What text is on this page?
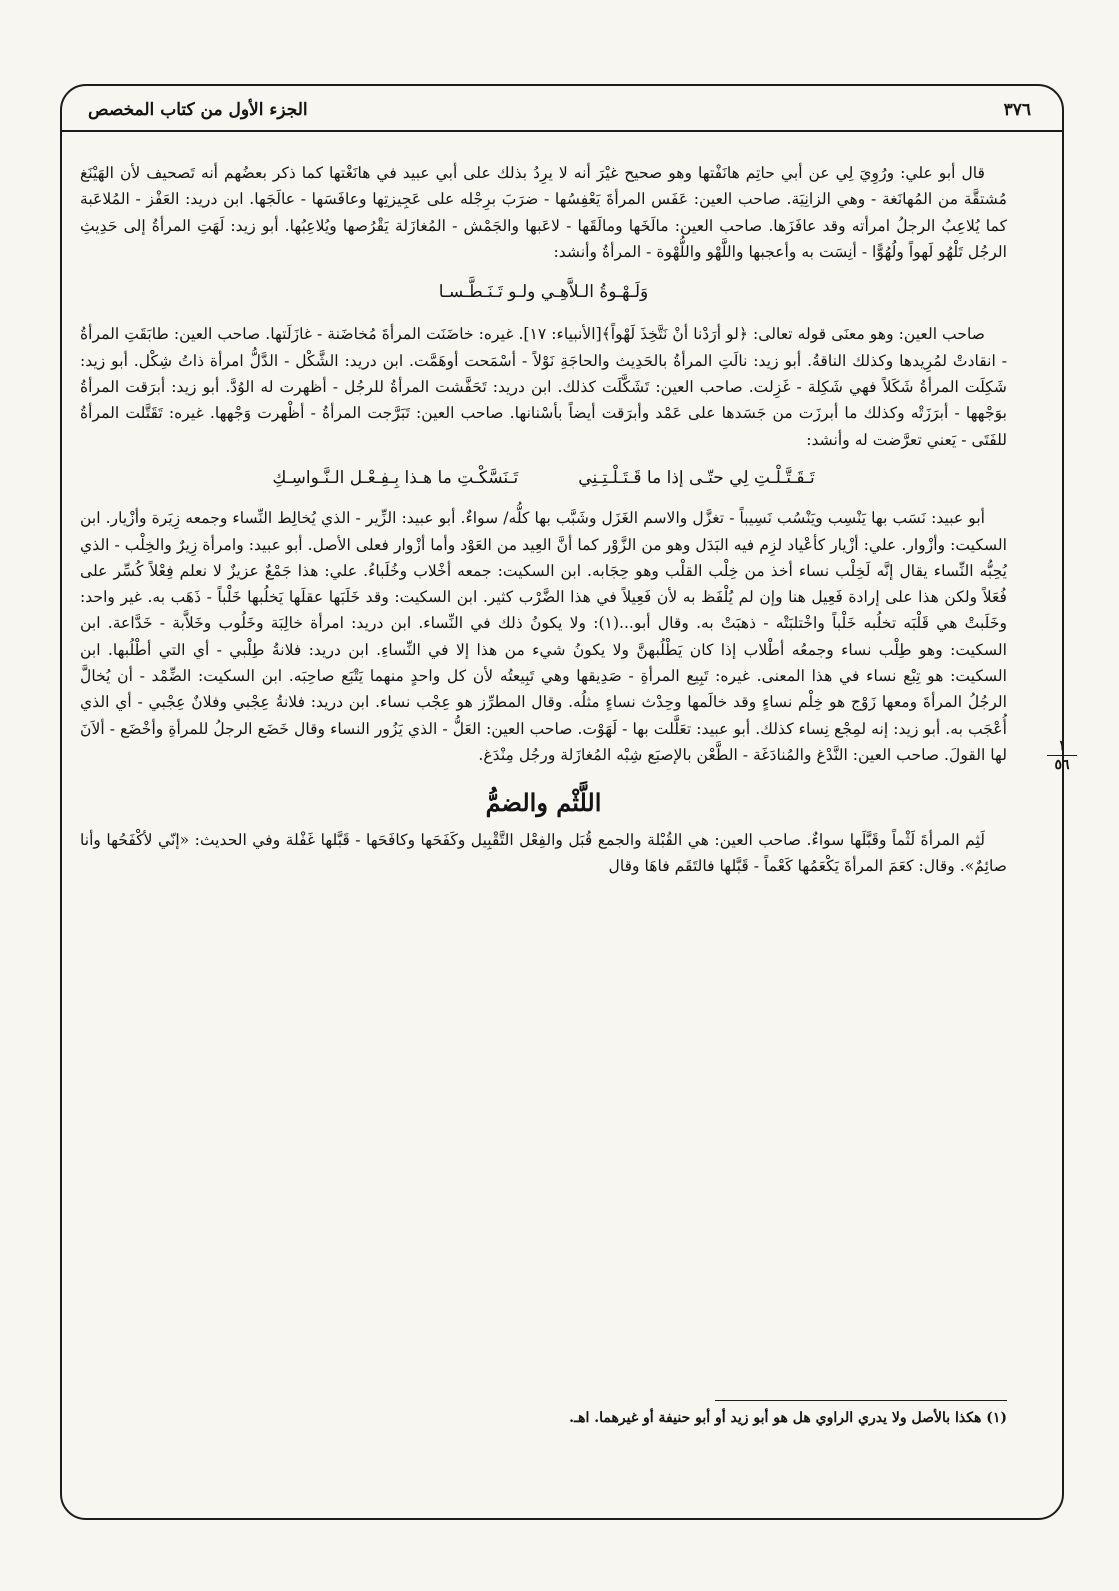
٣٧٦
الجزء الأول من كتاب المخصص
١
٥٦

قال أبو علي: ورُوِيَ لِي عن أبي حاتِم هانَفْتها وهو صحيح غيْرَ أنه لا يرِدُ بذلك على أبي عبيد في هانَغْتها كما ذكر بعضُهم أنه تَصحيف لأن الهَيْنَغ مُشتقَّة من المُهانَغة - وهي الزانِيَة. صاحب العين: عَفَس المرأةَ يَعْفِسُها - ضرَبَ برِجْله على عَجِيزتِها وعافَسَها - عالَجَها. ابن دريد: العَفْز - المُلاعَبة كما يُلاعِبُ الرجلُ امرأته وقد عافَزَها. صاحب العين: مالَخَها ومالَقَها - لاعَبها والجَمْش - المُغازَلة يَقْرُصها ويُلاعِبُها. أبو زيد: لَهَتِ المرأةُ إلى حَدِيثِ الرجُل تَلْهُو لَهواً ولُهُوًّا - أنِسَت به وأعجبها واللَّهْو واللُّهْوة - المرأةُ وأنشد:

وَلَـهْـوةُ الـلاَّهِـي ولـو تَـنَـطَّـسـا

صاحب العين: وهو معنَى قوله تعالى: ﴿لو أرَدْنا أنْ نَتَّخِذَ لَهْواً﴾[الأنبياء: ١٧]. غيره: خاضَنَت المرأةَ مُخاضَنة - غازَلَتها. صاحب العين: طابَقَتِ المرأةُ - انقادتْ لمُرِيدها وكذلك الناقةُ. أبو زيد: نالَتِ المرأةُ بالحَدِيث والحاجَةِ نَوْلاً - أسْمَحت أوهَمَّت. ابن دريد: الشَّكْل - الدَّلُّ امرأة ذاتُ شِكْل. أبو زيد: شَكِلَت المرأةُ شَكَلاً فهي شَكِلة - غَزِلت. صاحب العين: تَشَكَّلَت كذلك. ابن دريد: تَحَفَّشت المرأةُ للرجُل - أظهرت له الوُدَّ. أبو زيد: أبرَقت المرأةُ بوَجْهها - أبرَزَتْه وكذلك ما أبرزَت من جَسَدها على عَمْد وأبرَقت أيضاً بأسْنانها. صاحب العين: تَبَرَّجت المرأةُ - أظْهرت وَجْهها. غيره: تَقَتَّلت المرأةُ للفَتَى - يَعني تعرَّضت له وأنشد:

تَـقَـتَّـلْـتِ لِي حتّـى إذا ما قَـتَـلْـتِـنِي
تَـنَسَّكْـتِ ما هـذا بِـفِـعْـل الـنَّـواسِـكِ

أبو عبيد: نَسَب بها يَنْسِب ويَنْسُب نَسِيباً - تغزَّل والاسم الغَزَل وشَبَّب بها كلُّه/ سواءٌ. أبو عبيد: الزِّير - الذي يُخالِط النِّساء وجمعه زِيَرة وأزْيار. ابن السكيت: وأزْوار. علي: أزْيار كأعْياد لزِم فيه البَدَل وهو من الزَّوْر كما أنَّ العِيد من العَوْد وأما أزْوار فعلى الأصل. أبو عبيد: وامرأة زِيرٌ والخِلْب - الذي يُحِبُّه النِّساء يقال إنَّه لَخِلْب نساء أخذ من خِلْب القلْب وهو حِجَابه. ابن السكيت: جمعه أخْلاب وخُلَباءُ. علي: هذا جَمْعٌ عزيزٌ لا نعلم فِعْلاً كُسِّر على فُعَلاً ولكن هذا على إرادة فَعِيل هنا وإن لم يُلْفَظ به لأن فَعِيلاً في هذا الضَّرْب كثير. ابن السكيت: وقد خَلَبَها عقلَها يَخلُبها خَلْباً - ذَهَب به. غير واحد: وخَلَبتْ هي قَلْبَه تخلُبه خَلْباً واخْتلبَتْه - ذهبَتْ به. وقال أبو...(١): ولا يكونُ ذلك في النِّساء. ابن دريد: امرأة خالِبَة وخَلُوب وخَلاَّبة - خَدَّاعة. ابن السكيت: وهو طِلْب نساء وجمعُه أطْلاب إذا كان يَطْلُبهنَّ ولا يكونُ شيء من هذا إلا في النِّساءِ. ابن دريد: فلانةُ طِلْبي - أي التي أطْلُبها. ابن السكيت: هو تِبْع نساء في هذا المعنى. غيره: تَبِيع المرأةِ - صَدِيقها وهي تَبِيعتُه لأن كل واحدٍ منهما يَتْبَع صاحِبَه. ابن السكيت: الضِّمْد - أن يُخالَّ الرجُلُ المرأةَ ومعها زَوْج هو خِلْم نساءٍ وقد خالَمها وحِدْث نساءٍ مثلُه. وقال المطرِّز هو عِجْب نساء. ابن دريد: فلانةُ عِجْبي وفلانٌ عِجْبي - أي الذي أُعْجَب به. أبو زيد: إنه لمِجْع نِساء كذلك. أبو عبيد: تعَلَّلت بها - لَهَوْت. صاحب العين: العَلُّ - الذي يَزُور النساء وقال خَضَع الرجلُ للمرأةِ وأخْضَع - ألاَنَ لها القولَ. صاحب العين: النَّدْغ والمُنادَغَة - الطَّعْن بالإصبَع شِبْه المُغازَلة ورجُل مِنْدَغ.

اللَّثْم والضمُّ

لَثِم المرأةَ لَثْماً وقَبَّلَها سواءٌ. صاحب العين: هي القُبْلة والجمع قُبَل والفِعْل التَّقْبِيل وكَفَحَها وكافَحَها - قَبَّلها غَفْلة وفي الحديث: «إنّي لأكْفَحُها وأنا صائِمٌ». وقال: كعَمَ المرأةَ يَكْعَمُها كَعْماً - قَبَّلها فالتَقَم فاهَا وقال

(١) هكذا بالأصل ولا يدري الراوي هل هو أبو زيد أو أبو حنيفة أو غيرهما. اهـ.
